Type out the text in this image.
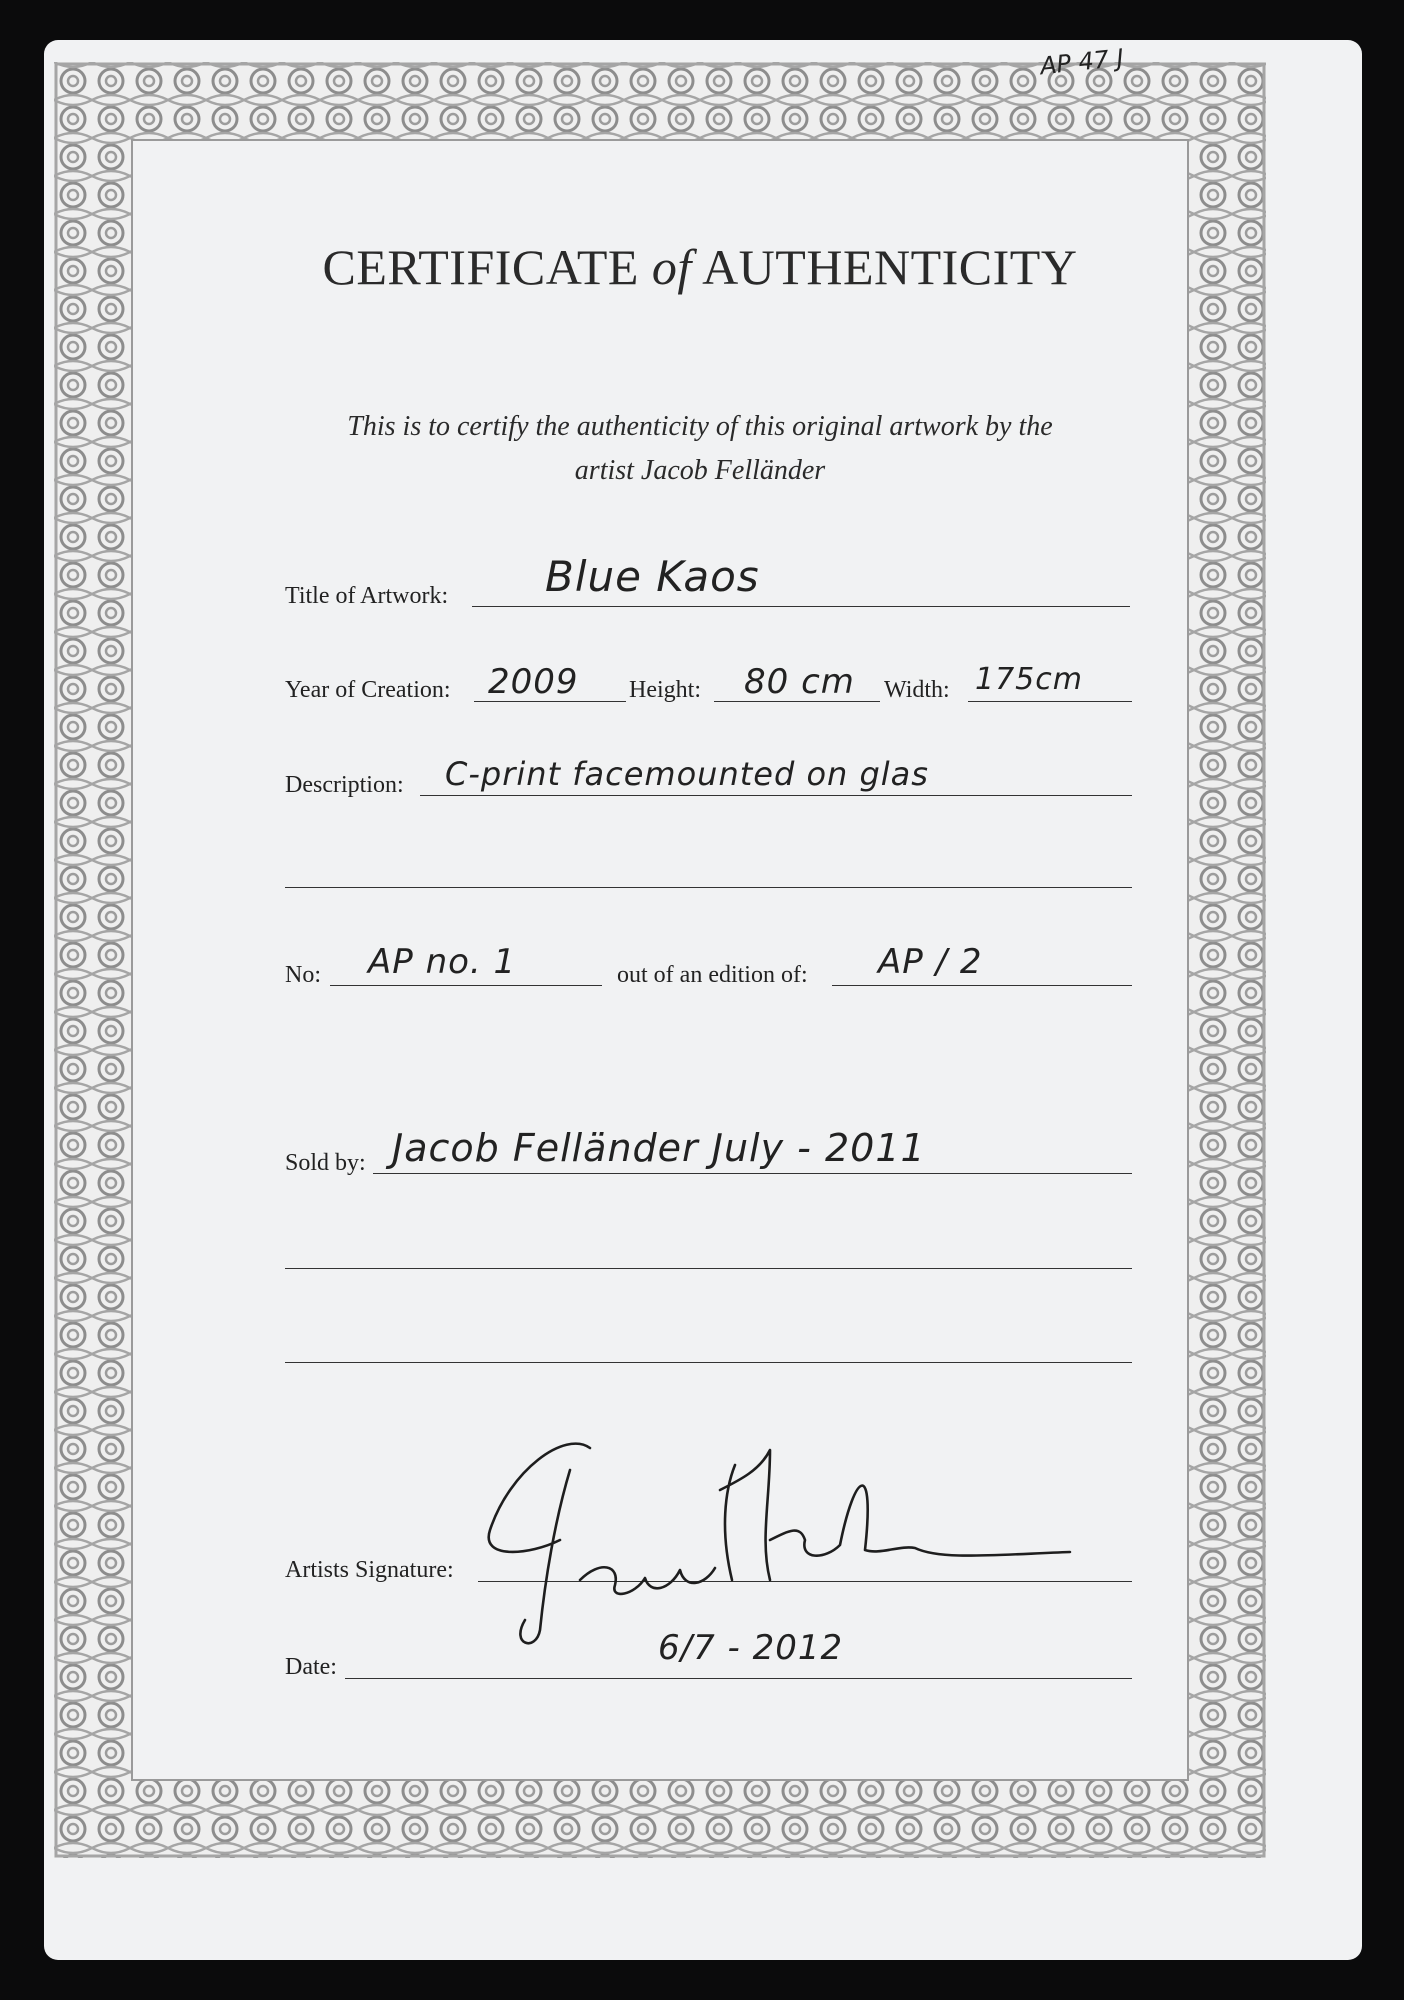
AP 47 J
CERTIFICATE of AUTHENTICITY
This is to certify the authenticity of this original artwork by the
artist Jacob Felländer
Title of Artwork: Blue Kaos
Year of Creation: 2009 Height: 80 cm Width: 175cm
Description: C-print facemounted on glas
No: AP no. 1	out of an edition of: AP / 2
Sold by: Jacob Felländer July - 2011
Artists Signature:
Date:	6/7 - 2012
